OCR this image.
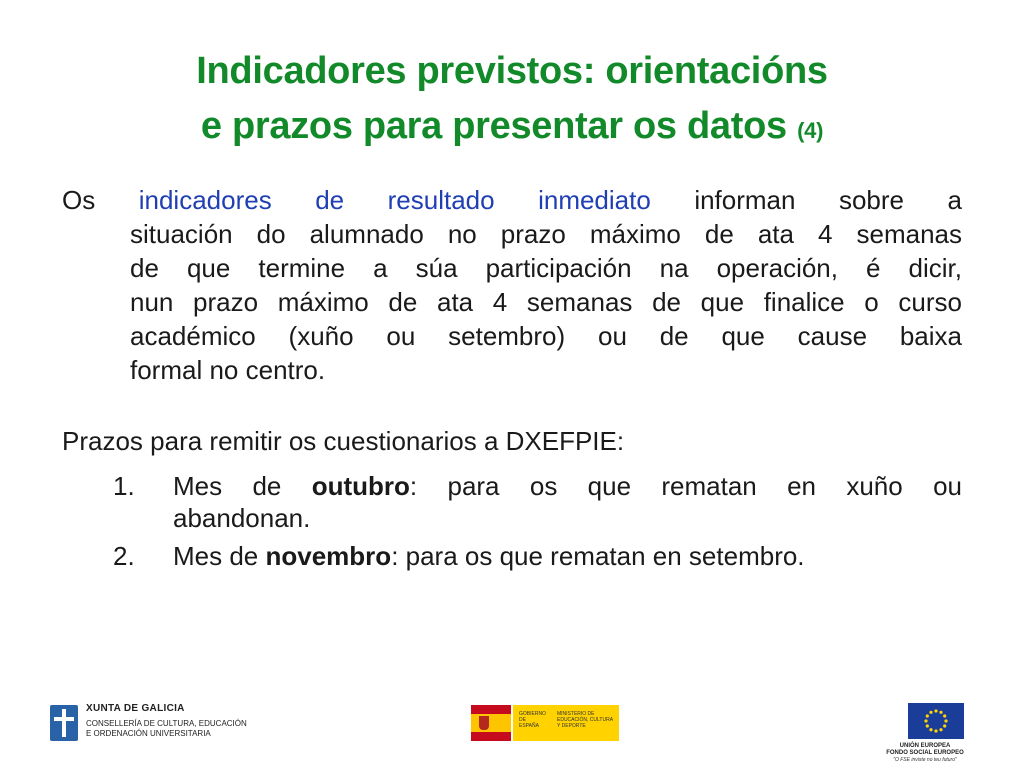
Indicadores previstos: orientacións
e prazos para presentar os datos (4)
Os indicadores de resultado inmediato informan sobre a
situación do alumnado no prazo máximo de ata 4 semanas
de que termine a súa participación na operación, é dicir,
nun prazo máximo de ata 4 semanas de que finalice o curso
académico (xuño ou setembro) ou de que cause baixa
formal no centro.
Prazos para remitir os cuestionarios a DXEFPIE:
1. Mes de outubro: para os que rematan en xuño ou
abandonan.
2. Mes de novembro: para os que rematan en setembro.
XUNTA DE GALICIA
CONSELLERÍA DE CULTURA, EDUCACIÓN
E ORDENACIÓN UNIVERSITARIA
GOBIERNO DE ESPAÑA
MINISTERIO DE EDUCACIÓN, CULTURA Y DEPORTE
UNIÓN EUROPEA
FONDO SOCIAL EUROPEO
"O FSE inviste no teu futuro"
